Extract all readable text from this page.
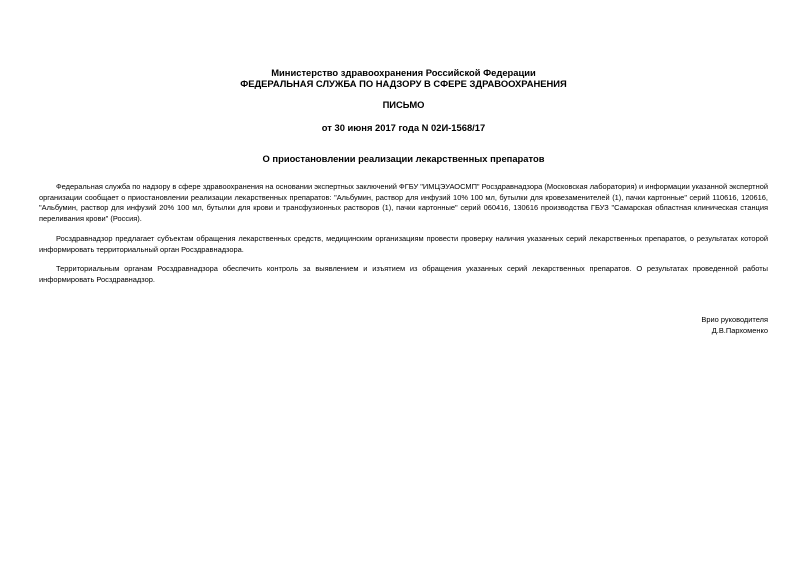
Министерство здравоохранения Российской Федерации
ФЕДЕРАЛЬНАЯ СЛУЖБА ПО НАДЗОРУ В СФЕРЕ ЗДРАВООХРАНЕНИЯ
ПИСЬМО
от 30 июня 2017 года N 02И-1568/17
О приостановлении реализации лекарственных препаратов

Федеральная служба по надзору в сфере здравоохранения на основании экспертных заключений ФГБУ "ИМЦЭУАОСМП" Росздравнадзора (Московская лаборатория) и информации указанной экспертной организации сообщает о приостановлении реализации лекарственных препаратов: "Альбумин, раствор для инфузий 10% 100 мл, бутылки для кровезаменителей (1), пачки картонные" серий 110616, 120616, "Альбумин, раствор для инфузий 20% 100 мл, бутылки для крови и трансфузионных растворов (1), пачки картонные" серий 060416, 130616 производства ГБУЗ "Самарская областная клиническая станция переливания крови" (Россия).

Росздравнадзор предлагает субъектам обращения лекарственных средств, медицинским организациям провести проверку наличия указанных серий лекарственных препаратов, о результатах которой информировать территориальный орган Росздравнадзора.

Территориальным органам Росздравнадзора обеспечить контроль за выявлением и изъятием из обращения указанных серий лекарственных препаратов. О результатах проведенной работы информировать Росздравнадзор.

Врио руководителя
Д.В.Пархоменко
